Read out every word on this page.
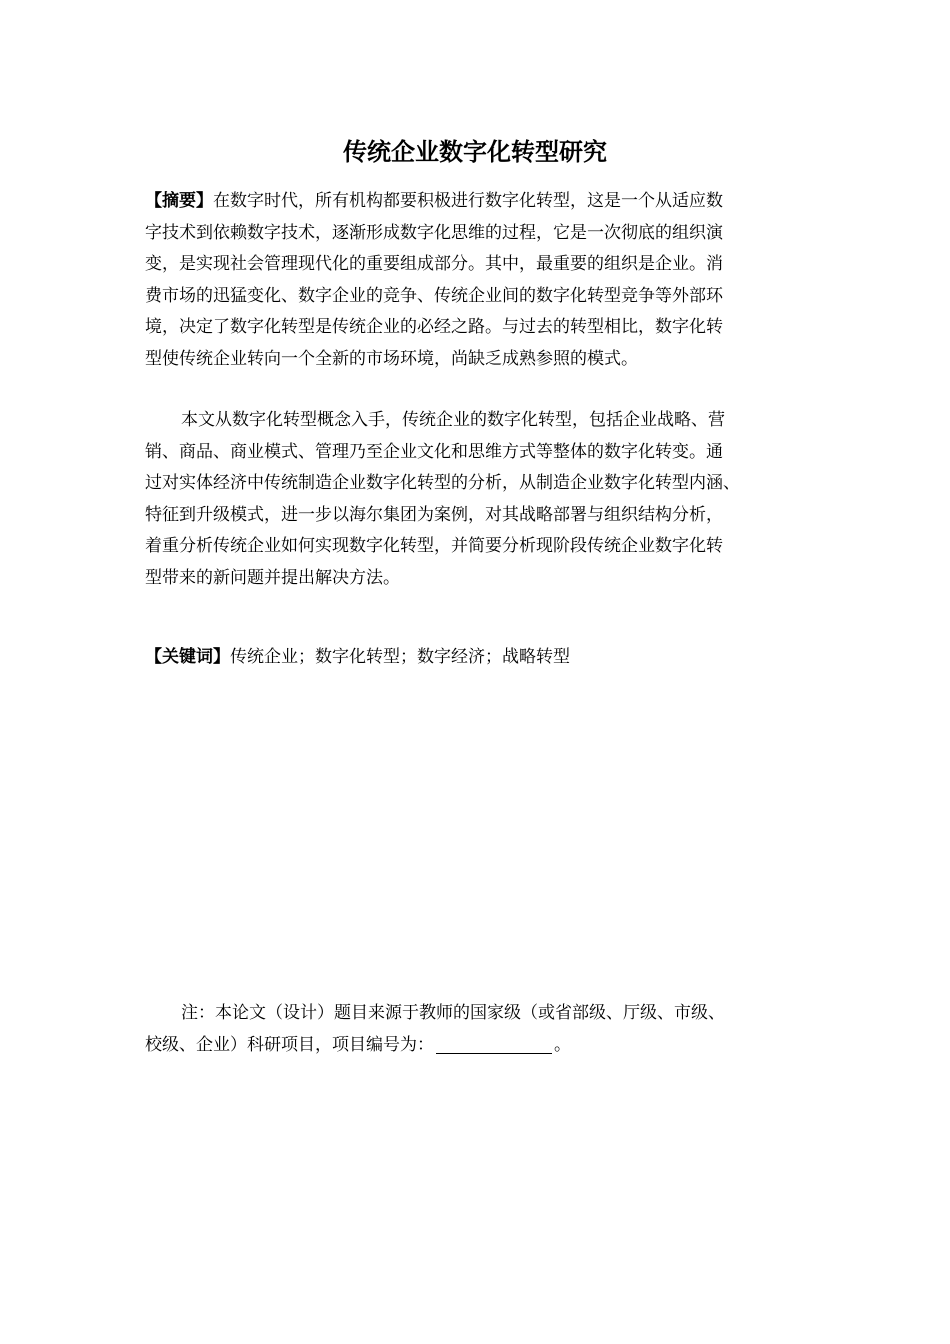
传统企业数字化转型研究
【摘要】在数字时代，所有机构都要积极进行数字化转型，这是一个从适应数
字技术到依赖数字技术，逐渐形成数字化思维的过程，它是一次彻底的组织演
变，是实现社会管理现代化的重要组成部分。其中，最重要的组织是企业。消
费市场的迅猛变化、数字企业的竞争、传统企业间的数字化转型竞争等外部环
境，决定了数字化转型是传统企业的必经之路。与过去的转型相比，数字化转
型使传统企业转向一个全新的市场环境，尚缺乏成熟参照的模式。
本文从数字化转型概念入手，传统企业的数字化转型，包括企业战略、营
销、商品、商业模式、管理乃至企业文化和思维方式等整体的数字化转变。通
过对实体经济中传统制造企业数字化转型的分析，从制造企业数字化转型内涵、
特征到升级模式，进一步以海尔集团为案例，对其战略部署与组织结构分析，
着重分析传统企业如何实现数字化转型，并简要分析现阶段传统企业数字化转
型带来的新问题并提出解决方法。
【关键词】传统企业；数字化转型；数字经济；战略转型
注：本论文（设计）题目来源于教师的国家级（或省部级、厅级、市级、
校级、企业）科研项目，项目编号为：	。
